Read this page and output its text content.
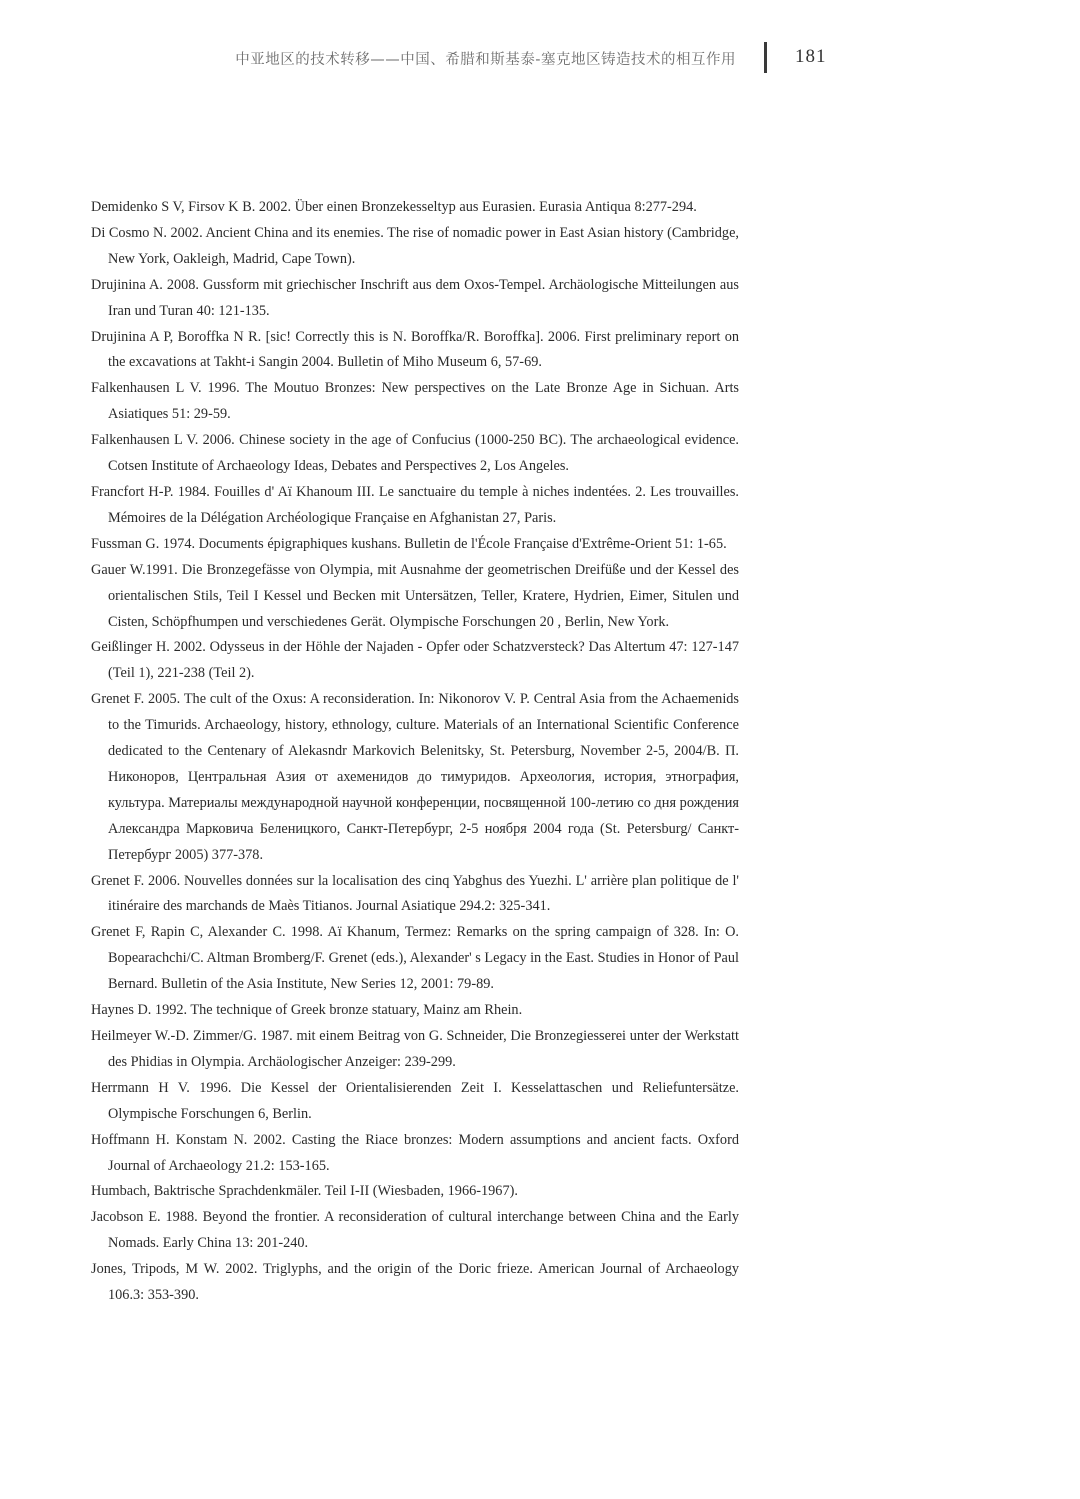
中亚地区的技术转移——中国、希腊和斯基泰-塞克地区铸造技术的相互作用	181
Demidenko S V, Firsov K B. 2002. Über einen Bronzekesseltyp aus Eurasien. Eurasia Antiqua 8:277-294.
Di Cosmo N. 2002. Ancient China and its enemies. The rise of nomadic power in East Asian history (Cambridge, New York, Oakleigh, Madrid, Cape Town).
Drujinina A. 2008. Gussform mit griechischer Inschrift aus dem Oxos-Tempel. Archäologische Mitteilungen aus Iran und Turan 40: 121-135.
Drujinina A P, Boroffka N R. [sic! Correctly this is N. Boroffka/R. Boroffka]. 2006. First preliminary report on the excavations at Takht-i Sangin 2004. Bulletin of Miho Museum 6, 57-69.
Falkenhausen L V. 1996. The Moutuo Bronzes: New perspectives on the Late Bronze Age in Sichuan. Arts Asiatiques 51: 29-59.
Falkenhausen L V. 2006. Chinese society in the age of Confucius (1000-250 BC). The archaeological evidence. Cotsen Institute of Archaeology Ideas, Debates and Perspectives 2, Los Angeles.
Francfort H-P. 1984. Fouilles d' Aï Khanoum III. Le sanctuaire du temple à niches indentées. 2. Les trouvailles. Mémoires de la Délégation Archéologique Française en Afghanistan 27, Paris.
Fussman G. 1974. Documents épigraphiques kushans. Bulletin de l'École Française d'Extrême-Orient 51: 1-65.
Gauer W.1991. Die Bronzegefässe von Olympia, mit Ausnahme der geometrischen Dreifüße und der Kessel des orientalischen Stils, Teil I Kessel und Becken mit Untersätzen, Teller, Kratere, Hydrien, Eimer, Situlen und Cisten, Schöpfhumpen und verschiedenes Gerät. Olympische Forschungen 20 , Berlin, New York.
Geißlinger H. 2002. Odysseus in der Höhle der Najaden - Opfer oder Schatzversteck? Das Altertum 47: 127-147 (Teil 1), 221-238 (Teil 2).
Grenet F. 2005. The cult of the Oxus: A reconsideration. In: Nikonorov V. P. Central Asia from the Achaemenids to the Timurids. Archaeology, history, ethnology, culture. Materials of an International Scientific Conference dedicated to the Centenary of Alekasndr Markovich Belenitsky, St. Petersburg, November 2-5, 2004/В. П. Никоноров, Центральная Азия от ахеменидов до тимуридов. Археология, история, этнография, культура. Материалы международной научной конференции, посвященной 100-летию со дня рождения Александра Марковича Беленицкого, Санкт-Петербург, 2-5 ноября 2004 года (St. Petersburg/ Санкт-Петербург 2005) 377-378.
Grenet F. 2006. Nouvelles données sur la localisation des cinq Yabghus des Yuezhi. L' arrière plan politique de l' itinéraire des marchands de Maès Titianos. Journal Asiatique 294.2: 325-341.
Grenet F, Rapin C, Alexander C. 1998. Aï Khanum, Termez: Remarks on the spring campaign of 328. In: O. Bopearachchi/C. Altman Bromberg/F. Grenet (eds.), Alexander' s Legacy in the East. Studies in Honor of Paul Bernard. Bulletin of the Asia Institute, New Series 12, 2001: 79-89.
Haynes D. 1992. The technique of Greek bronze statuary, Mainz am Rhein.
Heilmeyer W.-D. Zimmer/G. 1987. mit einem Beitrag von G. Schneider, Die Bronzegiesserei unter der Werkstatt des Phidias in Olympia. Archäologischer Anzeiger: 239-299.
Herrmann H V. 1996. Die Kessel der Orientalisierenden Zeit I. Kesselattaschen und Reliefuntersätze. Olympische Forschungen 6, Berlin.
Hoffmann H. Konstam N. 2002. Casting the Riace bronzes: Modern assumptions and ancient facts. Oxford Journal of Archaeology 21.2: 153-165.
Humbach, Baktrische Sprachdenkmäler. Teil I-II (Wiesbaden, 1966-1967).
Jacobson E. 1988. Beyond the frontier. A reconsideration of cultural interchange between China and the Early Nomads. Early China 13: 201-240.
Jones, Tripods, M W. 2002. Triglyphs, and the origin of the Doric frieze. American Journal of Archaeology 106.3: 353-390.
